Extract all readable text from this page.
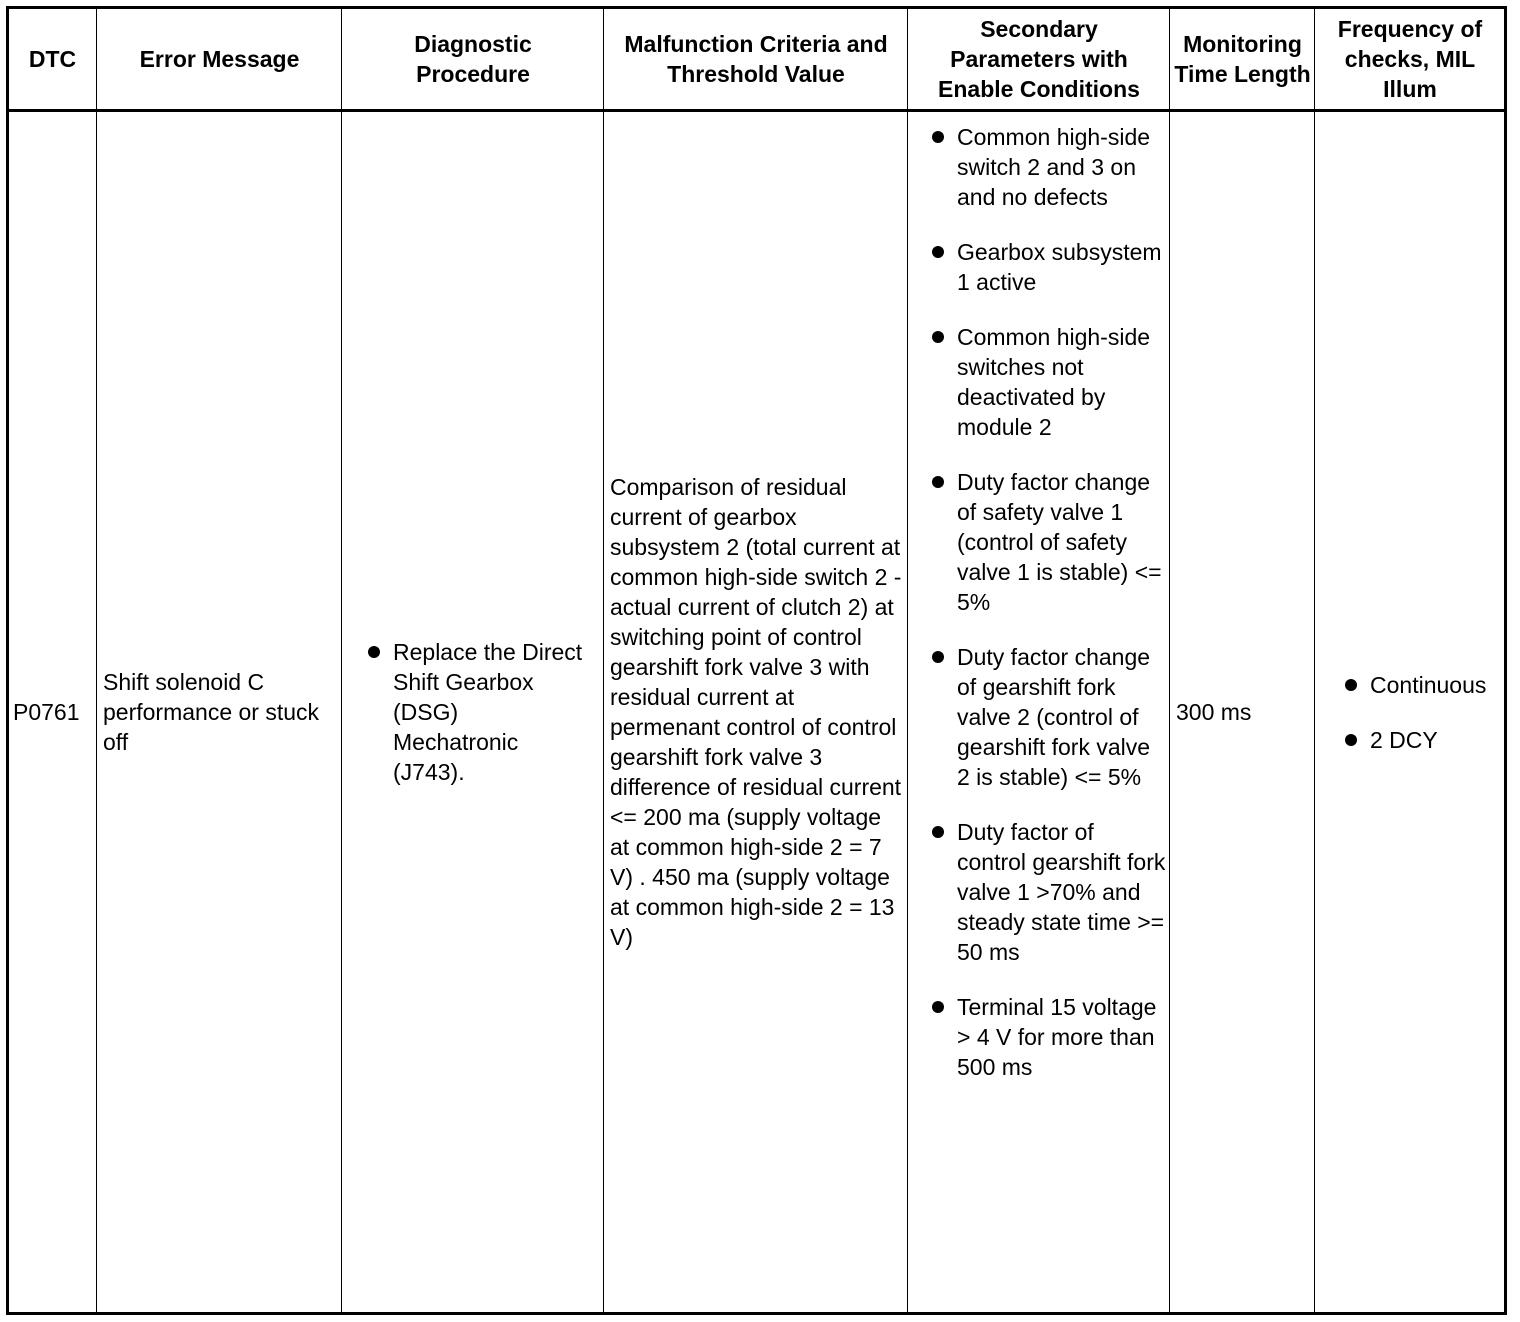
DTC	Error Message
Diagnostic Procedure
Malfunction Criteria and Threshold Value
Secondary Parameters with Enable Conditions
Monitoring Time Length
Frequency of checks, MIL Illum
P0761
Shift solenoid C performance or stuck off
Replace the Direct Shift Gearbox (DSG) Mechatronic (J743).
Comparison of residual current of gearbox subsystem 2 (total current at common high-side switch 2 -actual current of clutch 2) at switching point of control gearshift fork valve 3 with residual current at permenant control of control gearshift fork valve 3 difference of residual current <= 200 ma (supply voltage at common high-side 2 = 7 V) . 450 ma (supply voltage at common high-side 2 = 13 V)
Common high-side switch 2 and 3 on and no defects
Gearbox subsystem 1 active
Common high-side switches not deactivated by module 2
Duty factor change of safety valve 1 (control of safety valve 1 is stable) <= 5%
Duty factor change of gearshift fork valve 2 (control of gearshift fork valve 2 is stable) <= 5%
Duty factor of control gearshift fork valve 1 >70% and steady state time >= 50 ms
Terminal 15 voltage > 4 V for more than 500 ms
300 ms
Continuous
2 DCY
